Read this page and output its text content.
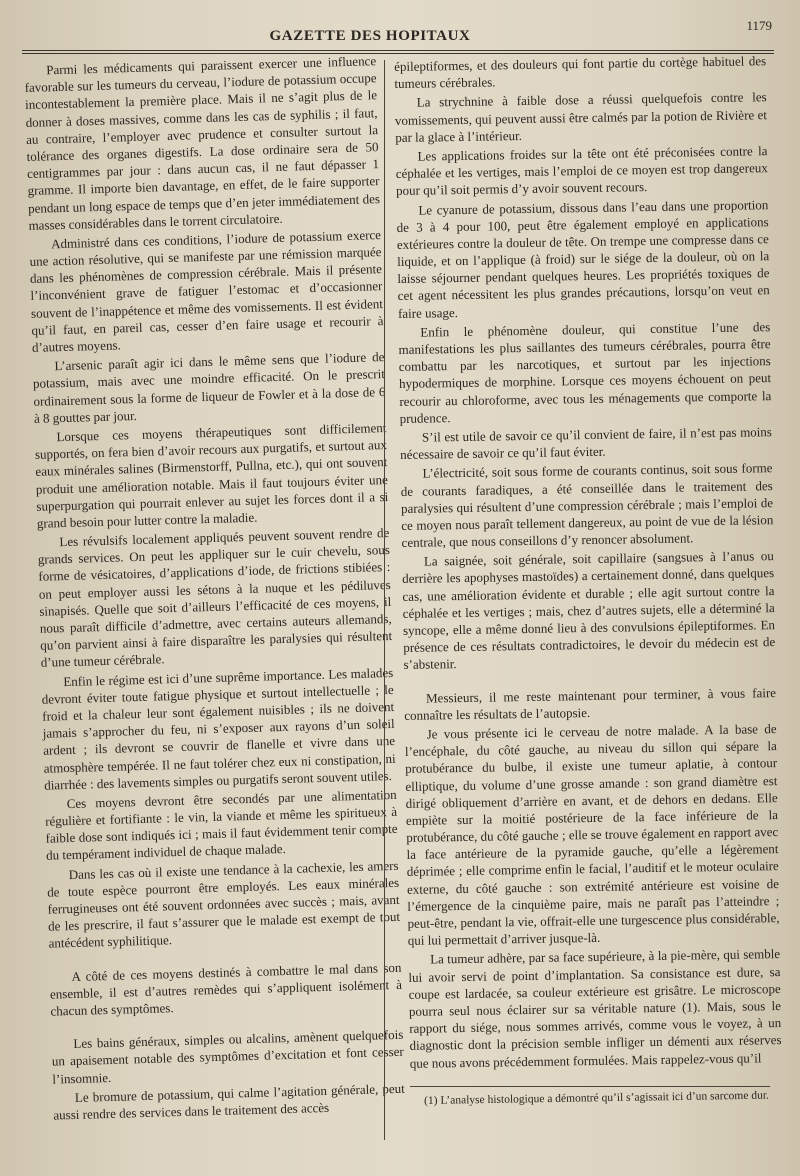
GAZETTE DES HOPITAUX
1179

Parmi les médicaments qui paraissent exercer une influence favorable sur les tumeurs du cerveau, l’iodure de potassium occupe incontestablement la première place. Mais il ne s’agit plus de le donner à doses massives, comme dans les cas de syphilis ; il faut, au contraire, l’employer avec prudence et consulter surtout la tolérance des organes digestifs. La dose ordinaire sera de 50 centigrammes par jour : dans aucun cas, il ne faut dépasser 1 gramme. Il importe bien davantage, en effet, de le faire supporter pendant un long espace de temps que d’en jeter immédiatement des masses considérables dans le torrent circulatoire.

Administré dans ces conditions, l’iodure de potassium exerce une action résolutive, qui se manifeste par une rémission marquée dans les phénomènes de compression cérébrale. Mais il présente l’inconvénient grave de fatiguer l’estomac et d’occasionner souvent de l’inappétence et même des vomissements. Il est évident qu’il faut, en pareil cas, cesser d’en faire usage et recourir à d’autres moyens.

L’arsenic paraît agir ici dans le même sens que l’iodure de potassium, mais avec une moindre efficacité. On le prescrit ordinairement sous la forme de liqueur de Fowler et à la dose de 6 à 8 gouttes par jour.

Lorsque ces moyens thérapeutiques sont difficilement supportés, on fera bien d’avoir recours aux purgatifs, et surtout aux eaux minérales salines (Birmenstorff, Pullna, etc.), qui ont souvent produit une amélioration notable. Mais il faut toujours éviter une superpurgation qui pourrait enlever au sujet les forces dont il a si grand besoin pour lutter contre la maladie.

Les révulsifs localement appliqués peuvent souvent rendre de grands services. On peut les appliquer sur le cuir chevelu, sous forme de vésicatoires, d’applications d’iode, de frictions stibiées : on peut employer aussi les sétons à la nuque et les pédiluves sinapisés. Quelle que soit d’ailleurs l’efficacité de ces moyens, il nous paraît difficile d’admettre, avec certains auteurs allemands, qu’on parvient ainsi à faire disparaître les paralysies qui résultent d’une tumeur cérébrale.

Enfin le régime est ici d’une suprême importance. Les malades devront éviter toute fatigue physique et surtout intellectuelle ; le froid et la chaleur leur sont également nuisibles ; ils ne doivent jamais s’approcher du feu, ni s’exposer aux rayons d’un soleil ardent ; ils devront se couvrir de flanelle et vivre dans une atmosphère tempérée. Il ne faut tolérer chez eux ni constipation, ni diarrhée : des lavements simples ou purgatifs seront souvent utiles.

Ces moyens devront être secondés par une alimentation régulière et fortifiante : le vin, la viande et même les spiritueux à faible dose sont indiqués ici ; mais il faut évidemment tenir compte du tempérament individuel de chaque malade.

Dans les cas où il existe une tendance à la cachexie, les amers de toute espèce pourront être employés. Les eaux minérales ferrugineuses ont été souvent ordonnées avec succès ; mais, avant de les prescrire, il faut s’assurer que le malade est exempt de tout antécédent syphilitique.

A côté de ces moyens destinés à combattre le mal dans son ensemble, il est d’autres remèdes qui s’appliquent isolément à chacun des symptômes.

Les bains généraux, simples ou alcalins, amènent quelquefois un apaisement notable des symptômes d’excitation et font cesser l’insomnie.

Le bromure de potassium, qui calme l’agitation générale, peut aussi rendre des services dans le traitement des accès

épileptiformes, et des douleurs qui font partie du cortège habituel des tumeurs cérébrales.

La strychnine à faible dose a réussi quelquefois contre les vomissements, qui peuvent aussi être calmés par la potion de Rivière et par la glace à l’intérieur.

Les applications froides sur la tête ont été préconisées contre la céphalée et les vertiges, mais l’emploi de ce moyen est trop dangereux pour qu’il soit permis d’y avoir souvent recours.

Le cyanure de potassium, dissous dans l’eau dans une proportion de 3 à 4 pour 100, peut être également employé en applications extérieures contre la douleur de tête. On trempe une compresse dans ce liquide, et on l’applique (à froid) sur le siége de la douleur, où on la laisse séjourner pendant quelques heures. Les propriétés toxiques de cet agent nécessitent les plus grandes précautions, lorsqu’on veut en faire usage.

Enfin le phénomène douleur, qui constitue l’une des manifestations les plus saillantes des tumeurs cérébrales, pourra être combattu par les narcotiques, et surtout par les injections hypodermiques de morphine. Lorsque ces moyens échouent on peut recourir au chloroforme, avec tous les ménagements que comporte la prudence.

S’il est utile de savoir ce qu’il convient de faire, il n’est pas moins nécessaire de savoir ce qu’il faut éviter.

L’électricité, soit sous forme de courants continus, soit sous forme de courants faradiques, a été conseillée dans le traitement des paralysies qui résultent d’une compression cérébrale ; mais l’emploi de ce moyen nous paraît tellement dangereux, au point de vue de la lésion centrale, que nous conseillons d’y renoncer absolument.

La saignée, soit générale, soit capillaire (sangsues à l’anus ou derrière les apophyses mastoïdes) a certainement donné, dans quelques cas, une amélioration évidente et durable ; elle agit surtout contre la céphalée et les vertiges ; mais, chez d’autres sujets, elle a déterminé la syncope, elle a même donné lieu à des convulsions épileptiformes. En présence de ces résultats contradictoires, le devoir du médecin est de s’abstenir.

Messieurs, il me reste maintenant pour terminer, à vous faire connaître les résultats de l’autopsie.

Je vous présente ici le cerveau de notre malade. A la base de l’encéphale, du côté gauche, au niveau du sillon qui sépare la protubérance du bulbe, il existe une tumeur aplatie, à contour elliptique, du volume d’une grosse amande : son grand diamètre est dirigé obliquement d’arrière en avant, et de dehors en dedans. Elle empiète sur la moitié postérieure de la face inférieure de la protubérance, du côté gauche ; elle se trouve également en rapport avec la face antérieure de la pyramide gauche, qu’elle a légèrement déprimée ; elle comprime enfin le facial, l’auditif et le moteur oculaire externe, du côté gauche : son extrémité antérieure est voisine de l’émergence de la cinquième paire, mais ne paraît pas l’atteindre ; peut-être, pendant la vie, offrait-elle une turgescence plus considérable, qui lui permettait d’arriver jusque-là.

La tumeur adhère, par sa face supérieure, à la pie-mère, qui semble lui avoir servi de point d’implantation. Sa consistance est dure, sa coupe est lardacée, sa couleur extérieure est grisâtre. Le microscope pourra seul nous éclairer sur sa véritable nature (1). Mais, sous le rapport du siége, nous sommes arrivés, comme vous le voyez, à un diagnostic dont la précision semble infliger un démenti aux réserves que nous avons précédemment formulées. Mais rappelez-vous qu’il

(1) L’analyse histologique a démontré qu’il s’agissait ici d’un sarcome dur.
